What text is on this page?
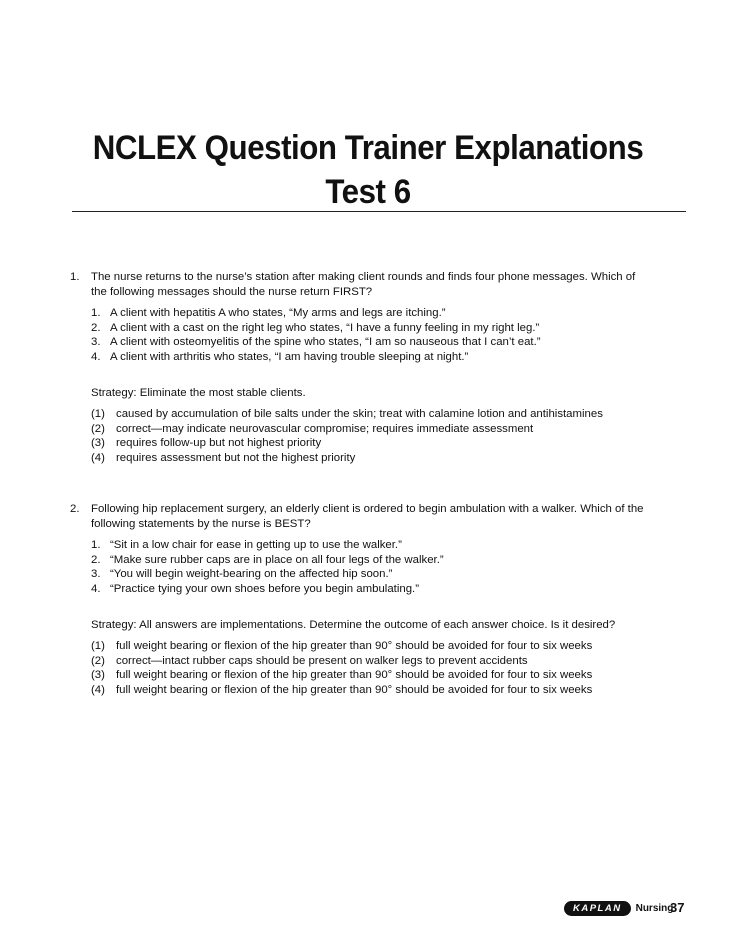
NCLEX Question Trainer Explanations
Test 6
1.	The nurse returns to the nurse’s station after making client rounds and finds four phone messages. Which of the following messages should the nurse return FIRST?
1. A client with hepatitis A who states, “My arms and legs are itching.”
2. A client with a cast on the right leg who states, “I have a funny feeling in my right leg.”
3. A client with osteomyelitis of the spine who states, “I am so nauseous that I can’t eat.”
4. A client with arthritis who states, “I am having trouble sleeping at night.”
Strategy: Eliminate the most stable clients.
(1) caused by accumulation of bile salts under the skin; treat with calamine lotion and antihistamines
(2) correct—may indicate neurovascular compromise; requires immediate assessment
(3) requires follow-up but not highest priority
(4) requires assessment but not the highest priority
2.	Following hip replacement surgery, an elderly client is ordered to begin ambulation with a walker. Which of the following statements by the nurse is BEST?
1. “Sit in a low chair for ease in getting up to use the walker.”
2. “Make sure rubber caps are in place on all four legs of the walker.”
3. “You will begin weight-bearing on the affected hip soon.”
4. “Practice tying your own shoes before you begin ambulating.”
Strategy: All answers are implementations. Determine the outcome of each answer choice. Is it desired?
(1) full weight bearing or flexion of the hip greater than 90° should be avoided for four to six weeks
(2) correct—intact rubber caps should be present on walker legs to prevent accidents
(3) full weight bearing or flexion of the hip greater than 90° should be avoided for four to six weeks
(4) full weight bearing or flexion of the hip greater than 90° should be avoided for four to six weeks
KAPLAN	Nursing
37
